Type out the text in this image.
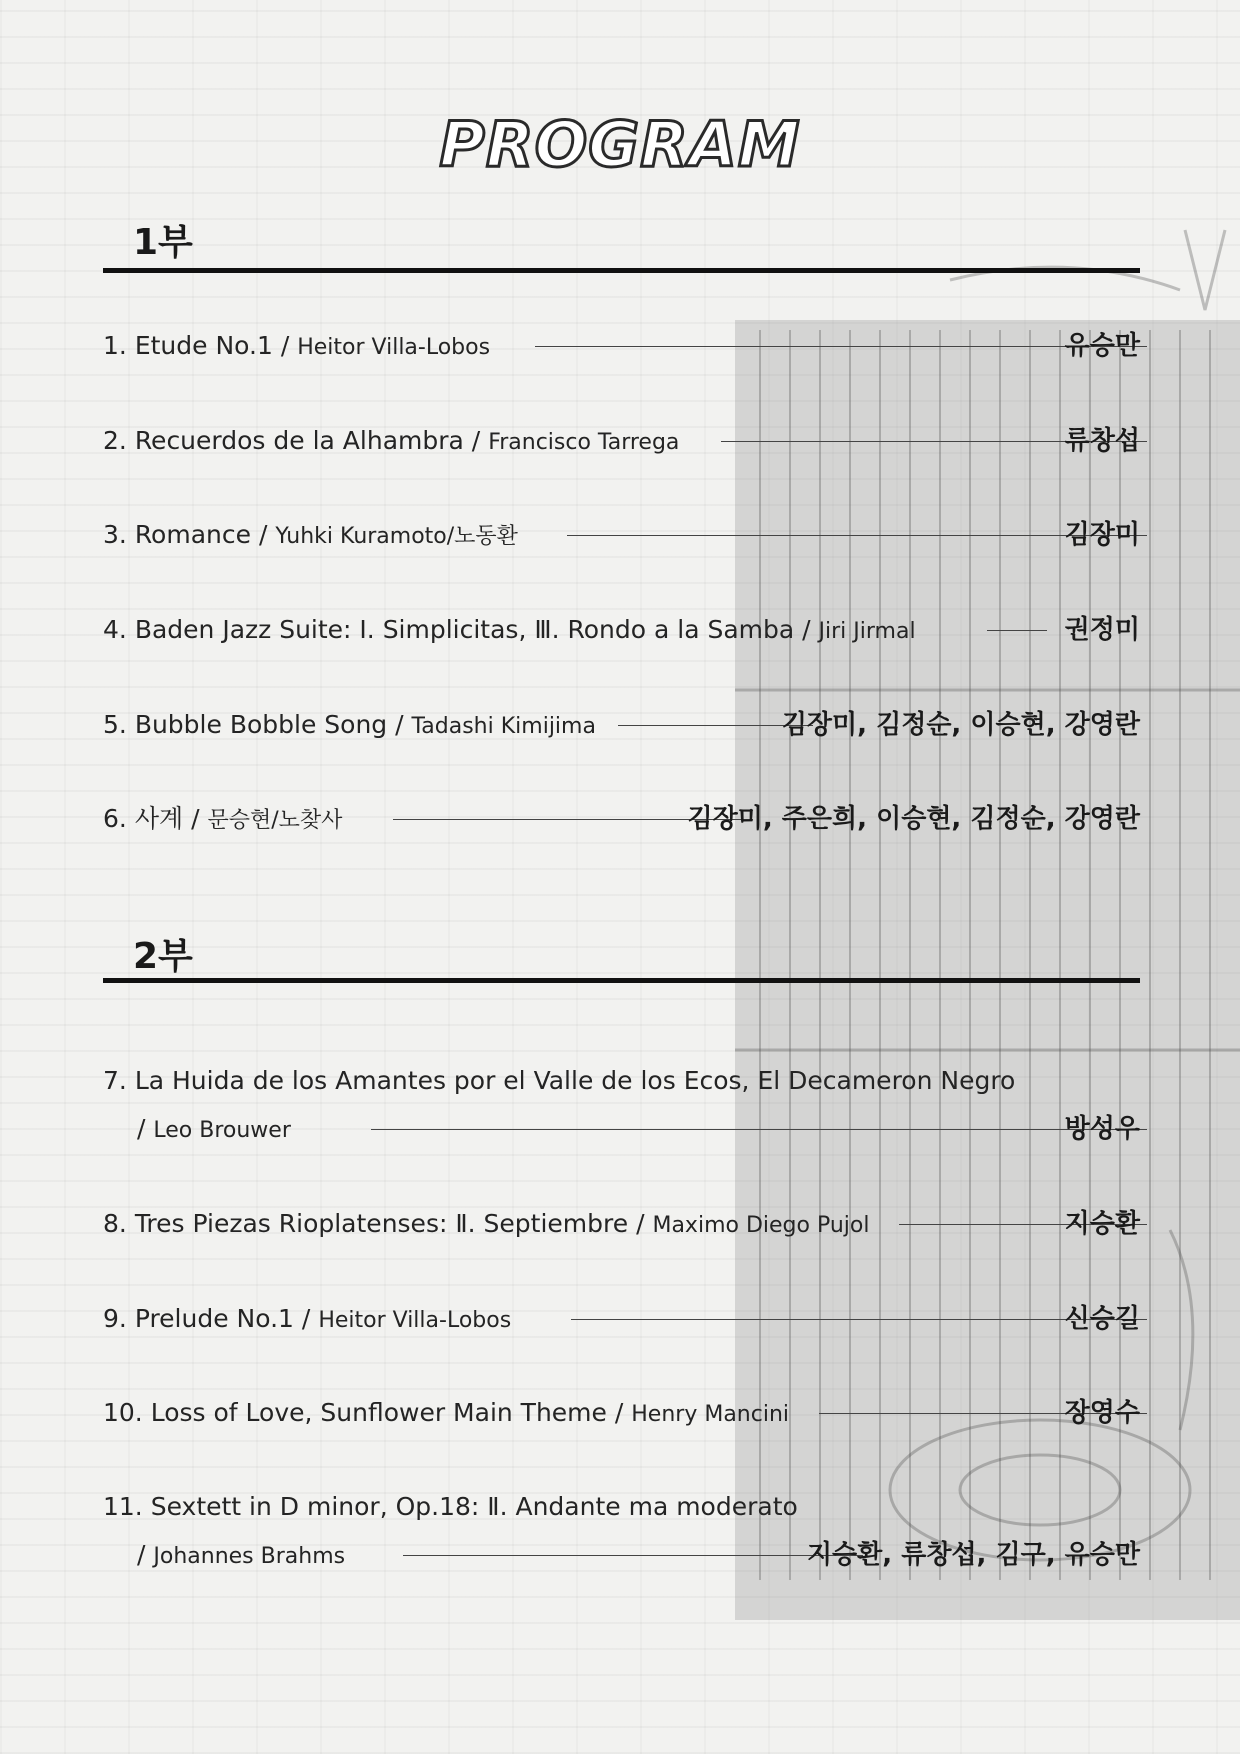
PROGRAM
1부
1. Etude No.1 / Heitor Villa-Lobos	유승만
2. Recuerdos de la Alhambra / Francisco Tarrega	류창섭
3. Romance / Yuhki Kuramoto/노동환	김장미
4. Baden Jazz Suite: Ⅰ. Simplicitas, Ⅲ. Rondo a la Samba / Jiri Jirmal	권정미
5. Bubble Bobble Song / Tadashi Kimijima	김장미, 김정순, 이승현, 강영란
6. 사계 / 문승현/노찾사	김장미, 주은희, 이승현, 김정순, 강영란
2부
7. La Huida de los Amantes por el Valle de los Ecos, El Decameron Negro
/ Leo Brouwer	방성우
8. Tres Piezas Rioplatenses: Ⅱ. Septiembre / Maximo Diego Pujol	지승환
9. Prelude No.1 / Heitor Villa-Lobos	신승길
10. Loss of Love, Sunflower Main Theme / Henry Mancini	장영수
11. Sextett in D minor, Op.18: Ⅱ. Andante ma moderato
/ Johannes Brahms	지승환, 류창섭, 김구, 유승만
